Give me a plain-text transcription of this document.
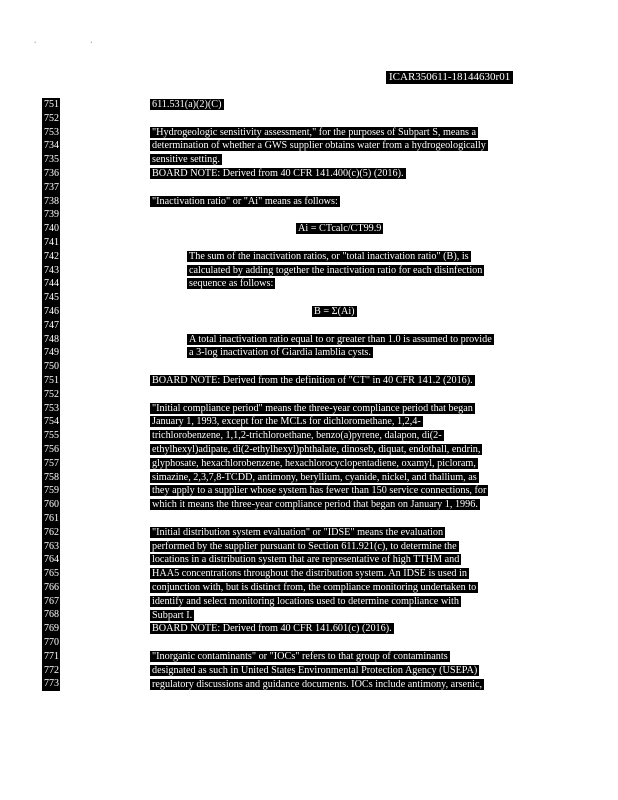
ʻ ʻ
ICAR350611-18144630r01
751
752
753
734
735
736
737
738
739
740
741
742
743
744
745
746
747
748
749
750
751
752
753
754
755
756
757
758
759
760
761
762
763
764
765
766
767
768
769
770
771
772
773
611.531(a)(2)(C)
"Hydrogeologic sensitivity assessment," for the purposes of Subpart S, means a
determination of whether a GWS supplier obtains water from a hydrogeologically
sensitive setting.
BOARD NOTE: Derived from 40 CFR 141.400(c)(5) (2016).
"Inactivation ratio" or "Ai" means as follows:
Ai = CTcalc/CT99.9
The sum of the inactivation ratios, or "total inactivation ratio" (B), is
calculated by adding together the inactivation ratio for each disinfection
sequence as follows:
B = Σ(Ai)
A total inactivation ratio equal to or greater than 1.0 is assumed to provide
a 3-log inactivation of Giardia lamblia cysts.
BOARD NOTE: Derived from the definition of "CT" in 40 CFR 141.2 (2016).
"Initial compliance period" means the three-year compliance period that began
January 1, 1993, except for the MCLs for dichloromethane, 1,2,4-
trichlorobenzene, 1,1,2-trichloroethane, benzo(a)pyrene, dalapon, di(2-
ethylhexyl)adipate, di(2-ethylhexyl)phthalate, dinoseb, diquat, endothall, endrin,
glyphosate, hexachlorobenzene, hexachlorocyclopentadiene, oxamyl, picloram,
simazine, 2,3,7,8-TCDD, antimony, beryllium, cyanide, nickel, and thallium, as
they apply to a supplier whose system has fewer than 150 service connections, for
which it means the three-year compliance period that began on January 1, 1996.
"Initial distribution system evaluation" or "IDSE" means the evaluation
performed by the supplier pursuant to Section 611.921(c), to determine the
locations in a distribution system that are representative of high TTHM and
HAA5 concentrations throughout the distribution system. An IDSE is used in
conjunction with, but is distinct from, the compliance monitoring undertaken to
identify and select monitoring locations used to determine compliance with
Subpart I.
BOARD NOTE: Derived from 40 CFR 141.601(c) (2016).
"Inorganic contaminants" or "IOCs" refers to that group of contaminants
designated as such in United States Environmental Protection Agency (USEPA)
regulatory discussions and guidance documents. IOCs include antimony, arsenic,
